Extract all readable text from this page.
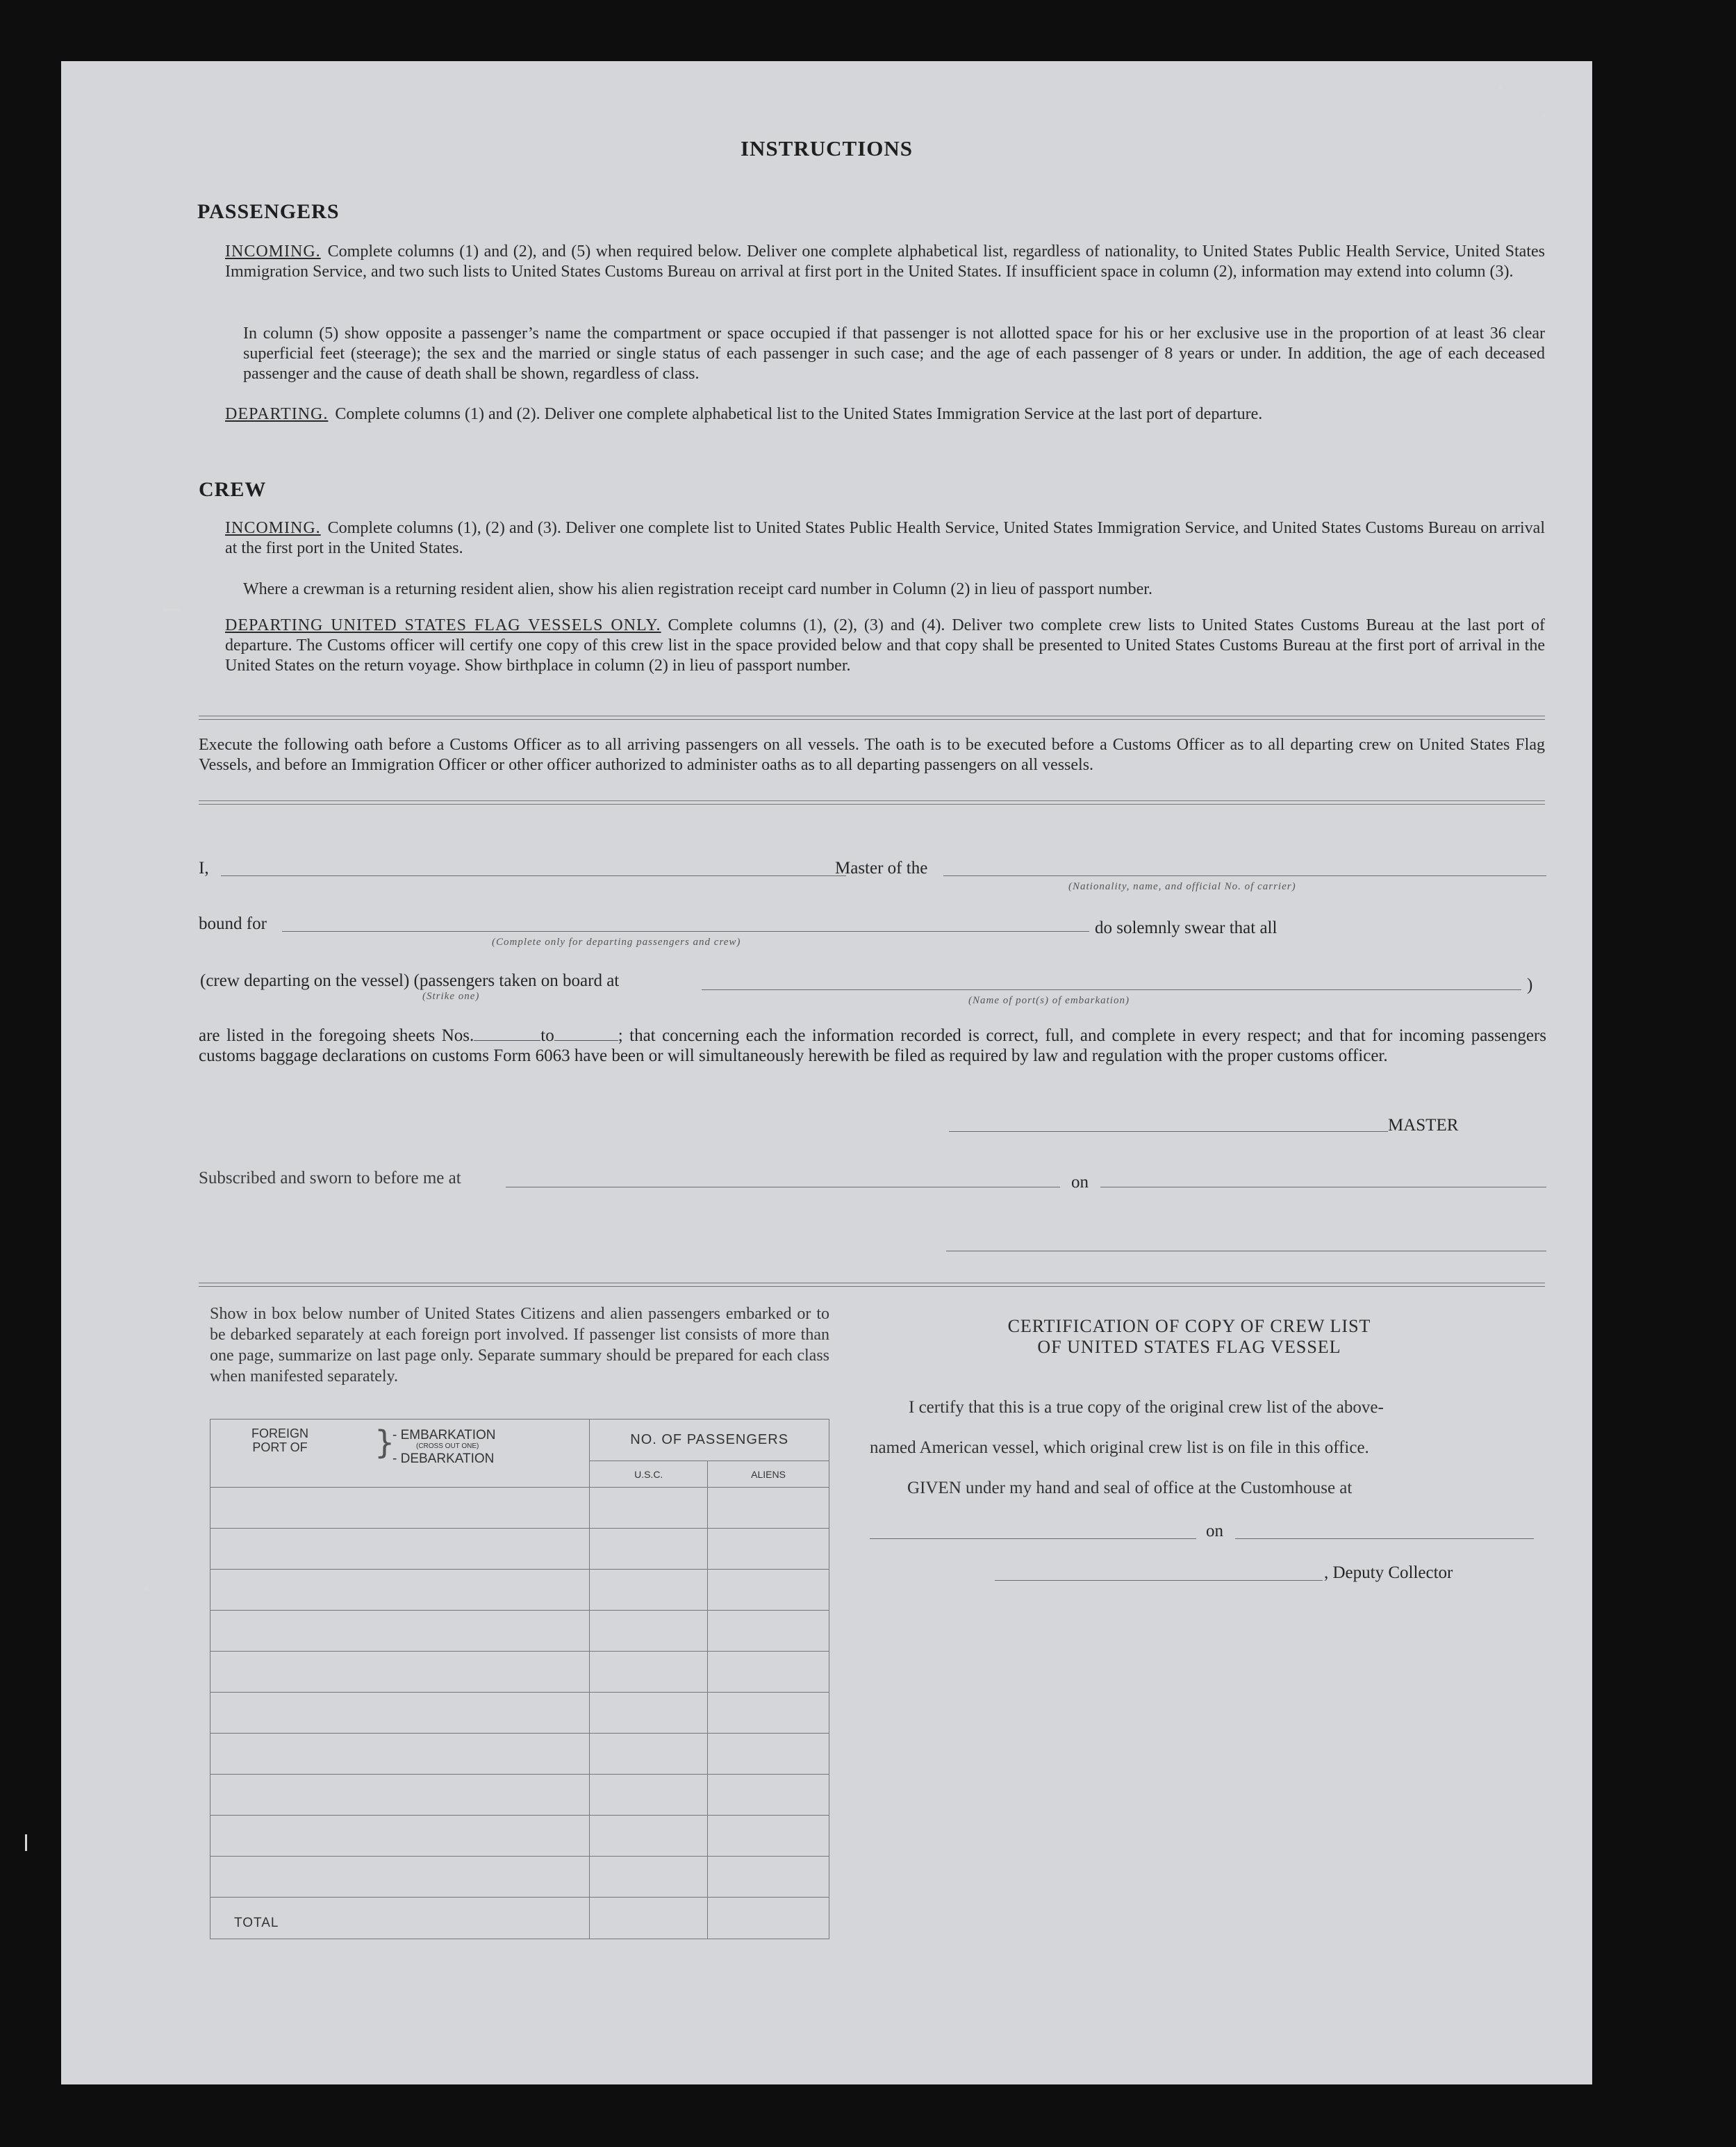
INSTRUCTIONS
PASSENGERS
INCOMING. Complete columns (1) and (2), and (5) when required below. Deliver one complete alphabetical list, regardless of nationality, to United States Public Health Service, United States Immigration Service, and two such lists to United States Customs Bureau on arrival at first port in the United States. If insufficient space in column (2), information may extend into column (3).
In column (5) show opposite a passenger’s name the compartment or space occupied if that passenger is not allotted space for his or her exclusive use in the proportion of at least 36 clear superficial feet (steerage); the sex and the married or single status of each passenger in such case; and the age of each passenger of 8 years or under. In addition, the age of each deceased passenger and the cause of death shall be shown, regardless of class.
DEPARTING. Complete columns (1) and (2). Deliver one complete alphabetical list to the United States Immigration Service at the last port of departure.
CREW
INCOMING. Complete columns (1), (2) and (3). Deliver one complete list to United States Public Health Service, United States Immigration Service, and United States Customs Bureau on arrival at the first port in the United States.
Where a crewman is a returning resident alien, show his alien registration receipt card number in Column (2) in lieu of passport number.
DEPARTING UNITED STATES FLAG VESSELS ONLY. Complete columns (1), (2), (3) and (4). Deliver two complete crew lists to United States Customs Bureau at the last port of departure. The Customs officer will certify one copy of this crew list in the space provided below and that copy shall be presented to United States Customs Bureau at the first port of arrival in the United States on the return voyage. Show birthplace in column (2) in lieu of passport number.
Execute the following oath before a Customs Officer as to all arriving passengers on all vessels. The oath is to be executed before a Customs Officer as to all departing crew on United States Flag Vessels, and before an Immigration Officer or other officer authorized to administer oaths as to all departing passengers on all vessels.
I,	Master of the
(Nationality, name, and official No. of carrier)
bound for
(Complete only for departing passengers and crew)
do solemnly swear that all
(crew departing on the vessel) (passengers taken on board at
(Strike one)
)
(Name of port(s) of embarkation)
are listed in the foregoing sheets Nos.	to	; that concerning each the information recorded is correct, full, and complete in every respect; and that for incoming passengers customs baggage declarations on customs Form 6063 have been or will simultaneously herewith be filed as required by law and regulation with the proper customs officer.
MASTER
Subscribed and sworn to before me at	on
Show in box below number of United States Citizens and alien passengers embarked or to be debarked separately at each foreign port involved. If passenger list consists of more than one page, summarize on last page only. Separate summary should be prepared for each class when manifested separately.
FOREIGN PORT OF }
- EMBARKATION
(CROSS OUT ONE)
- DEBARKATION	NO. OF PASSENGERS	
	U.S.C.	ALIENS

TOTAL		
CERTIFICATION OF COPY OF CREW LIST
OF UNITED STATES FLAG VESSEL
I certify that this is a true copy of the original crew list of the above-
named American vessel, which original crew list is on file in this office.
GIVEN under my hand and seal of office at the Customhouse at
on
, Deputy Collector
